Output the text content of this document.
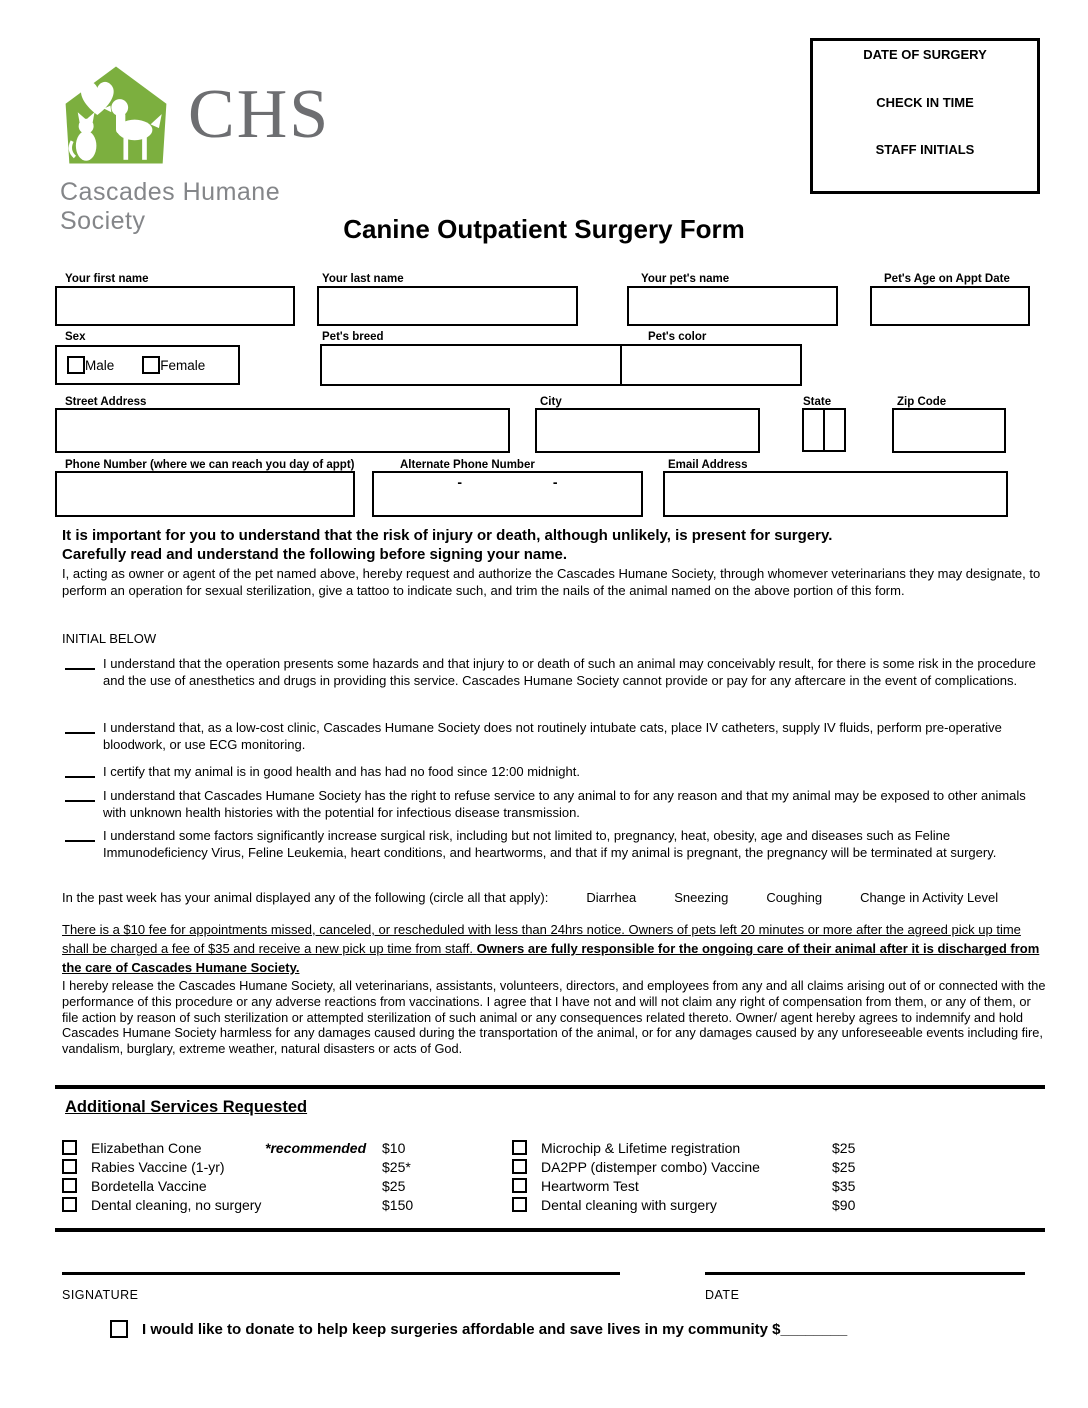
CHS
Cascades Humane Society
DATE OF SURGERY
CHECK IN TIME
STAFF INITIALS
Canine Outpatient Surgery Form
Your first name	Your last name	Your pet's name	Pet's Age on Appt Date
Sex
Male	Female
Pet's breed	Pet's color
Street Address	City	State	Zip Code
Phone Number (where we can reach you day of appt)	Alternate Phone Number
-	-
Email Address
It is important for you to understand that the risk of injury or death, although unlikely, is present for surgery.
Carefully read and understand the following before signing your name.
I, acting as owner or agent of the pet named above, hereby request and authorize the Cascades Humane Society, through whomever veterinarians they may designate, to perform an operation for sexual sterilization, give a tattoo to indicate such, and trim the nails of the animal named on the above portion of this form.
INITIAL BELOW
I understand that the operation presents some hazards and that injury to or death of such an animal may conceivably result, for there is some risk in the procedure and the use of anesthetics and drugs in providing this service. Cascades Humane Society cannot provide or pay for any aftercare in the event of complications.
I understand that, as a low-cost clinic, Cascades Humane Society does not routinely intubate cats, place IV catheters, supply IV fluids, perform pre-operative bloodwork, or use ECG monitoring.
I certify that my animal is in good health and has had no food since 12:00 midnight.
I understand that Cascades Humane Society has the right to refuse service to any animal to for any reason and that my animal may be exposed to other animals with unknown health histories with the potential for infectious disease transmission.
I understand some factors significantly increase surgical risk, including but not limited to, pregnancy, heat, obesity, age and diseases such as Feline Immunodeficiency Virus, Feline Leukemia, heart conditions, and heartworms, and that if my animal is pregnant, the pregnancy will be terminated at surgery.
In the past week has your animal displayed any of the following (circle all that apply):	Diarrhea	Sneezing	Coughing	Change in Activity Level
There is a $10 fee for appointments missed, canceled, or rescheduled with less than 24hrs notice. Owners of pets left 20 minutes or more after the agreed pick up time shall be charged a fee of $35 and receive a new pick up time from staff. Owners are fully responsible for the ongoing care of their animal after it is discharged from the care of Cascades Humane Society.
I hereby release the Cascades Humane Society, all veterinarians, assistants, volunteers, directors, and employees from any and all claims arising out of or connected with the performance of this procedure or any adverse reactions from vaccinations. I agree that I have not and will not claim any right of compensation from them, or any of them, or file action by reason of such sterilization or attempted sterilization of such animal or any consequences related thereto. Owner/ agent hereby agrees to indemnify and hold Cascades Humane Society harmless for any damages caused during the transportation of the animal, or for any damages caused by any unforeseeable events including fire, vandalism, burglary, extreme weather, natural disasters or acts of God.
Additional Services Requested
Elizabethan Cone	*recommended $10
Rabies Vaccine (1-yr)	$25*
Bordetella Vaccine	$25
Dental cleaning, no surgery	$150
Microchip & Lifetime registration	$25
DA2PP (distemper combo) Vaccine	$25
Heartworm Test	$35
Dental cleaning with surgery	$90
SIGNATURE	DATE
I would like to donate to help keep surgeries affordable and save lives in my community $________
